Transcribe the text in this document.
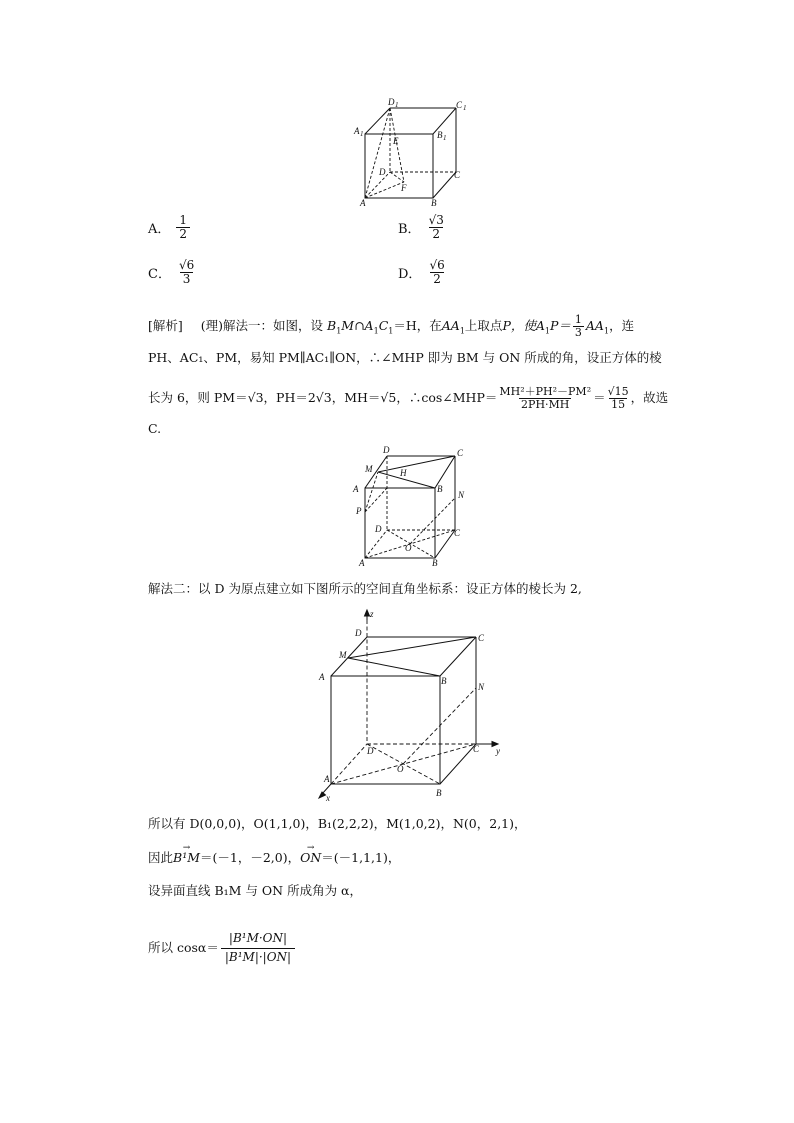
D 1	C 1
A 1
E
B 1
D
F
C
A	B
A． $\frac{1}{2}$	B． $\frac{√3}{2}$
C． $\frac{√6}{3}$	D． $\frac{√6}{2}$
[解析] (理)解法一：如图，设 $B_1M\cap A_1C_1=H$，在$AA_1$上取点P，使$A_1P= \frac{1}{3} AA_1$，连
PH、AC₁、PM，易知 PM∥AC₁∥ON，∴∠MHP 即为 BM 与 ON 所成的角，设正方体的棱
长为 6，则 PM＝√3，PH＝2√3，MH＝√5，∴cos∠MHP＝ $\frac{\text{MH²＋PH²－PM²}}{2PH\cdot MH} = \frac{√15}{15}$ ，故选
C.
D	C
M	H
A	B
N
P
D	C
O
A	B
解法二：以 D 为原点建立如下图所示的空间直角坐标系：设正方体的棱长为 2,
z
D	C
M
A	B
N
D	C y
O
A
B
x
所以有 D(0,0,0)，O(1,1,0)，B₁(2,2,2)，M(1,0,2)，N(0，2,1)，
因此→ B¹M＝(－1，－2,0)，→ ON＝(－1,1,1)，
设异面直线 B₁M 与 ON 所成角为 α，
所以 cosα＝
|B¹M·ON|
|B¹M|·|ON|
